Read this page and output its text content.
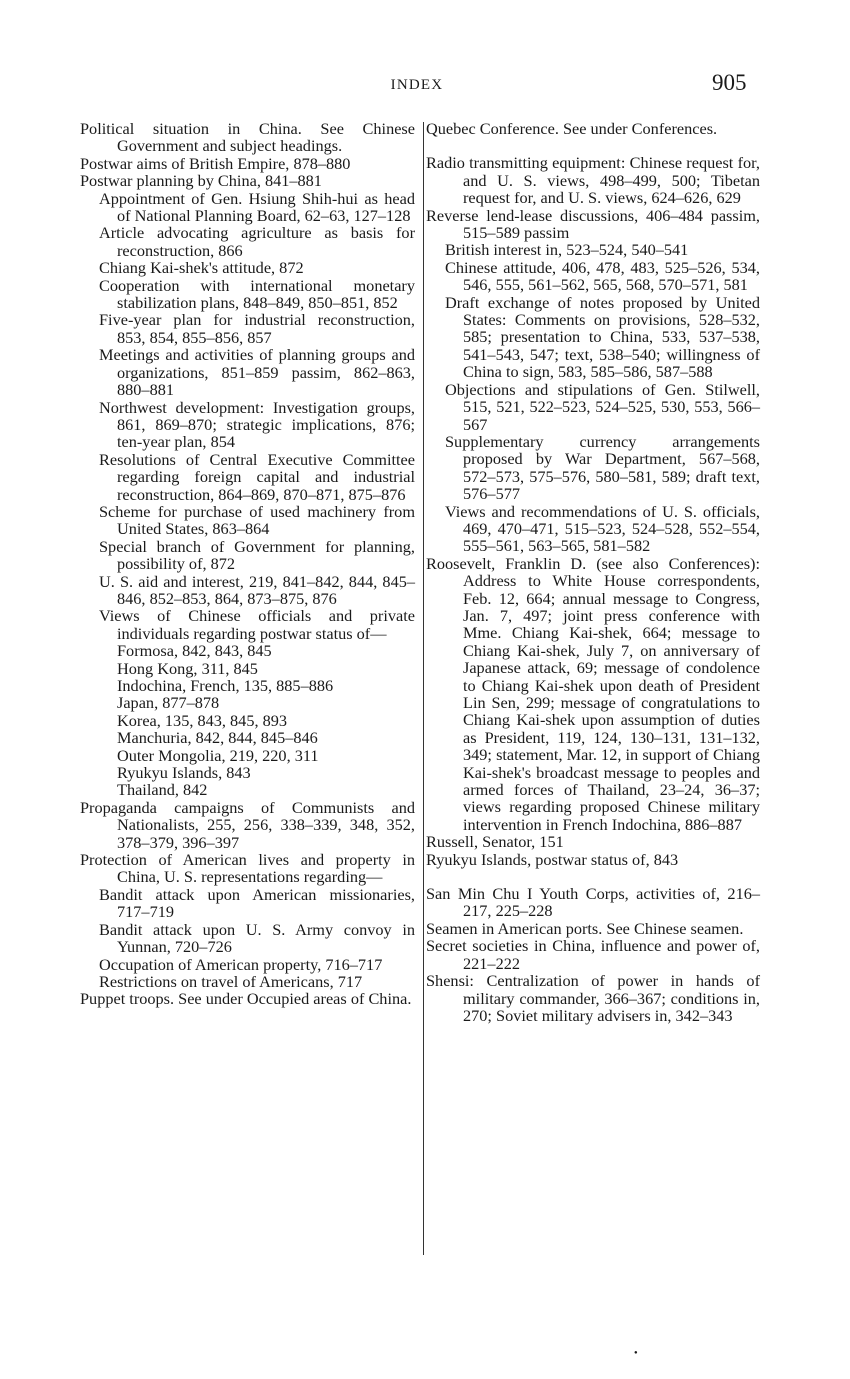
INDEX	905
Political situation in China. See Chinese Government and subject headings.
Postwar aims of British Empire, 878–880
Postwar planning by China, 841–881
Appointment of Gen. Hsiung Shih-hui as head of National Planning Board, 62–63, 127–128
Article advocating agriculture as basis for reconstruction, 866
Chiang Kai-shek's attitude, 872
Cooperation with international monetary stabilization plans, 848–849, 850–851, 852
Five-year plan for industrial reconstruction, 853, 854, 855–856, 857
Meetings and activities of planning groups and organizations, 851–859 passim, 862–863, 880–881
Northwest development: Investigation groups, 861, 869–870; strategic implications, 876; ten-year plan, 854
Resolutions of Central Executive Committee regarding foreign capital and industrial reconstruction, 864–869, 870–871, 875–876
Scheme for purchase of used machinery from United States, 863–864
Special branch of Government for planning, possibility of, 872
U. S. aid and interest, 219, 841–842, 844, 845–846, 852–853, 864, 873–875, 876
Views of Chinese officials and private individuals regarding postwar status of—
Formosa, 842, 843, 845
Hong Kong, 311, 845
Indochina, French, 135, 885–886
Japan, 877–878
Korea, 135, 843, 845, 893
Manchuria, 842, 844, 845–846
Outer Mongolia, 219, 220, 311
Ryukyu Islands, 843
Thailand, 842
Propaganda campaigns of Communists and Nationalists, 255, 256, 338–339, 348, 352, 378–379, 396–397
Protection of American lives and property in China, U. S. representations regarding—
Bandit attack upon American missionaries, 717–719
Bandit attack upon U. S. Army convoy in Yunnan, 720–726
Occupation of American property, 716–717
Restrictions on travel of Americans, 717
Puppet troops. See under Occupied areas of China.
Quebec Conference. See under Conferences.
Radio transmitting equipment: Chinese request for, and U. S. views, 498–499, 500; Tibetan request for, and U. S. views, 624–626, 629
Reverse lend-lease discussions, 406–484 passim, 515–589 passim
British interest in, 523–524, 540–541
Chinese attitude, 406, 478, 483, 525–526, 534, 546, 555, 561–562, 565, 568, 570–571, 581
Draft exchange of notes proposed by United States: Comments on provisions, 528–532, 585; presentation to China, 533, 537–538, 541–543, 547; text, 538–540; willingness of China to sign, 583, 585–586, 587–588
Objections and stipulations of Gen. Stilwell, 515, 521, 522–523, 524–525, 530, 553, 566–567
Supplementary currency arrangements proposed by War Department, 567–568, 572–573, 575–576, 580–581, 589; draft text, 576–577
Views and recommendations of U. S. officials, 469, 470–471, 515–523, 524–528, 552–554, 555–561, 563–565, 581–582
Roosevelt, Franklin D. (see also Conferences): Address to White House correspondents, Feb. 12, 664; annual message to Congress, Jan. 7, 497; joint press conference with Mme. Chiang Kai-shek, 664; message to Chiang Kai-shek, July 7, on anniversary of Japanese attack, 69; message of condolence to Chiang Kai-shek upon death of President Lin Sen, 299; message of congratulations to Chiang Kai-shek upon assumption of duties as President, 119, 124, 130–131, 131–132, 349; statement, Mar. 12, in support of Chiang Kai-shek's broadcast message to peoples and armed forces of Thailand, 23–24, 36–37; views regarding proposed Chinese military intervention in French Indochina, 886–887
Russell, Senator, 151
Ryukyu Islands, postwar status of, 843
San Min Chu I Youth Corps, activities of, 216–217, 225–228
Seamen in American ports. See Chinese seamen.
Secret societies in China, influence and power of, 221–222
Shensi: Centralization of power in hands of military commander, 366–367; conditions in, 270; Soviet military advisers in, 342–343
●
